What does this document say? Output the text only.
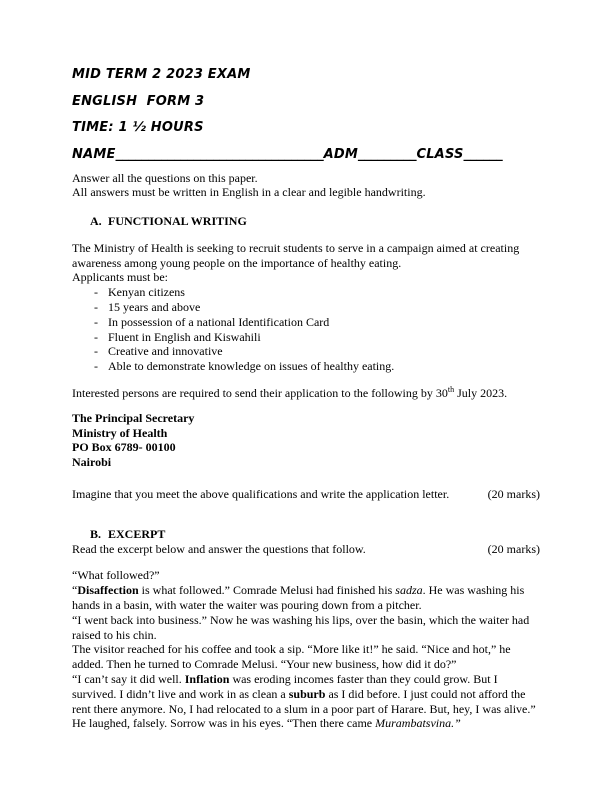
MID TERM 2 2023 EXAM
ENGLISH  FORM 3
TIME: 1 ½ HOURS
NAME________________________________ADM_________CLASS______
Answer all the questions on this paper.
All answers must be written in English in a clear and legible handwriting.
A. FUNCTIONAL WRITING
The Ministry of Health is seeking to recruit students to serve in a campaign aimed at creating awareness among young people on the importance of healthy eating.
Applicants must be:
- Kenyan citizens
- 15 years and above
- In possession of a national Identification Card
- Fluent in English and Kiswahili
- Creative and innovative
- Able to demonstrate knowledge on issues of healthy eating.
Interested persons are required to send their application to the following by 30th July 2023.
The Principal Secretary
Ministry of Health
PO Box 6789- 00100
Nairobi
Imagine that you meet the above qualifications and write the application letter.	(20 marks)
B. EXCERPT
Read the excerpt below and answer the questions that follow.	(20 marks)
“What followed?”
“Disaffection is what followed.” Comrade Melusi had finished his sadza. He was washing his hands in a basin, with water the waiter was pouring down from a pitcher.
“I went back into business.” Now he was washing his lips, over the basin, which the waiter had raised to his chin.
The visitor reached for his coffee and took a sip. “More like it!” he said. “Nice and hot,” he added. Then he turned to Comrade Melusi. “Your new business, how did it do?”
“I can’t say it did well. Inflation was eroding incomes faster than they could grow. But I survived. I didn’t live and work in as clean a suburb as I did before. I just could not afford the rent there anymore. No, I had relocated to a slum in a poor part of Harare. But, hey, I was alive.” He laughed, falsely. Sorrow was in his eyes. “Then there came Murambatsvina.”
